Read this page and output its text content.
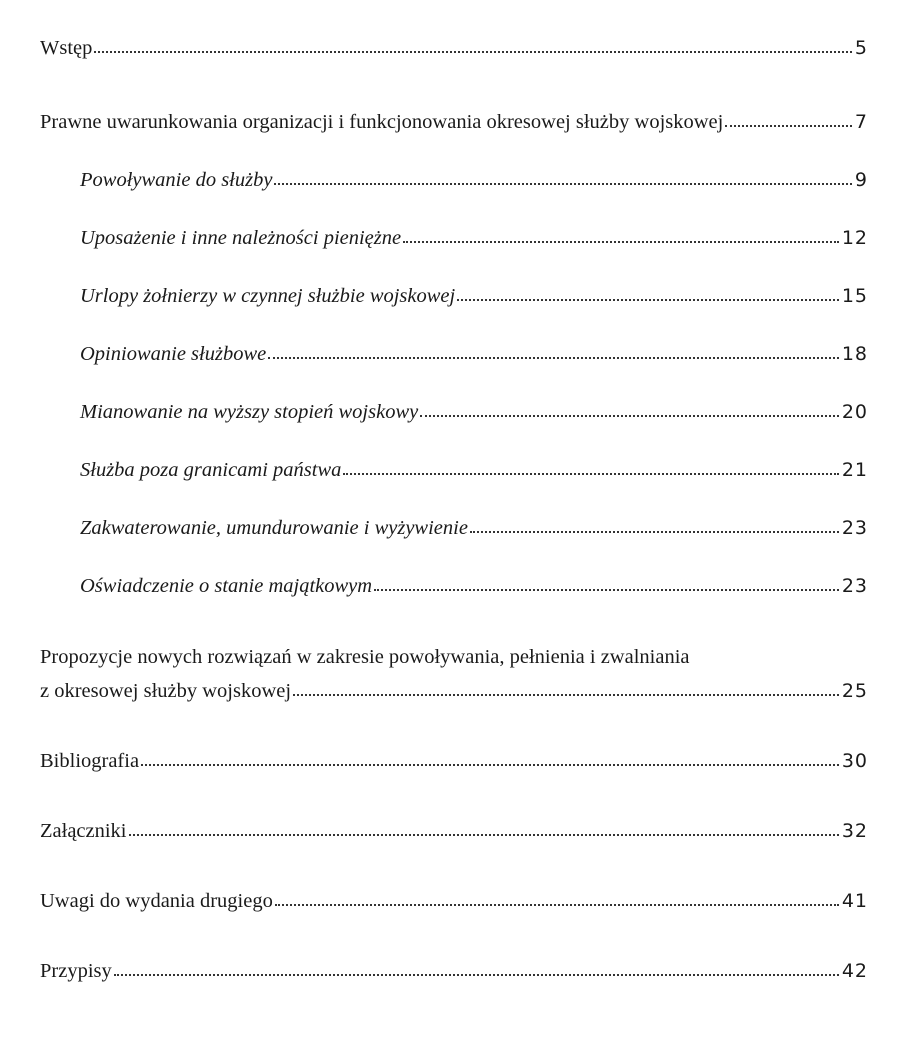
Wstęp	5
Prawne uwarunkowania organizacji i funkcjonowania okresowej służby wojskowej	7
Powoływanie do służby	9
Uposażenie i inne należności pieniężne	12
Urlopy żołnierzy w czynnej służbie wojskowej	15
Opiniowanie służbowe	18
Mianowanie na wyższy stopień wojskowy	20
Służba poza granicami państwa	21
Zakwaterowanie, umundurowanie i wyżywienie	23
Oświadczenie o stanie majątkowym	23
Propozycje nowych rozwiązań w zakresie powoływania, pełnienia i zwalniania
z okresowej służby wojskowej	25
Bibliografia	30
Załączniki	32
Uwagi do wydania drugiego	41
Przypisy	42
